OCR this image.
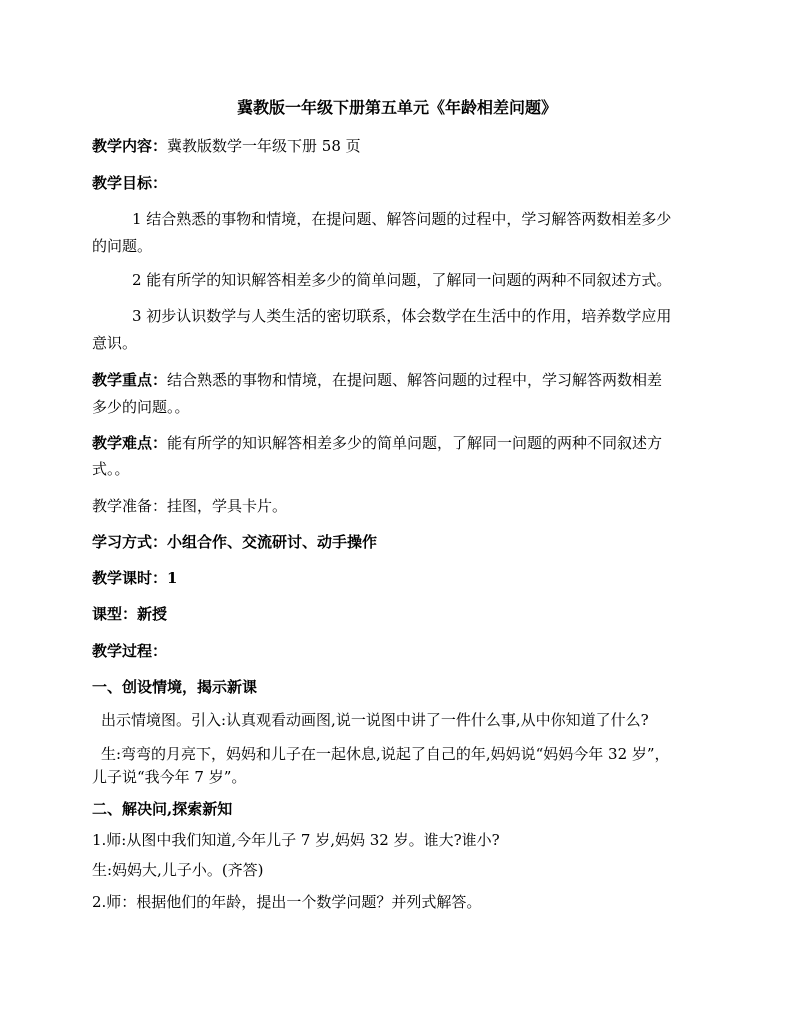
冀教版一年级下册第五单元《年龄相差问题》
教学内容：冀教版数学一年级下册 58 页
教学目标：
1 结合熟悉的事物和情境，在提问题、解答问题的过程中，学习解答两数相差多少
的问题。
2 能有所学的知识解答相差多少的简单问题，了解同一问题的两种不同叙述方式。
3 初步认识数学与人类生活的密切联系，体会数学在生活中的作用，培养数学应用
意识。
教学重点：结合熟悉的事物和情境，在提问题、解答问题的过程中，学习解答两数相差
多少的问题。。
教学难点：能有所学的知识解答相差多少的简单问题，了解同一问题的两种不同叙述方
式。。
教学准备：挂图，学具卡片。
学习方式：小组合作、交流研讨、动手操作
教学课时：1
课型：新授
教学过程：
一、创设情境，揭示新课
出示情境图。引入:认真观看动画图,说一说图中讲了一件什么事,从中你知道了什么?
生:弯弯的月亮下，妈妈和儿子在一起休息,说起了自己的年,妈妈说“妈妈今年 32 岁”，
儿子说“我今年 7 岁”。
二、解决问,探索新知
1.师:从图中我们知道,今年儿子 7 岁,妈妈 32 岁。谁大?谁小?
生:妈妈大,儿子小。(齐答)
2.师：根据他们的年龄，提出一个数学问题？并列式解答。
